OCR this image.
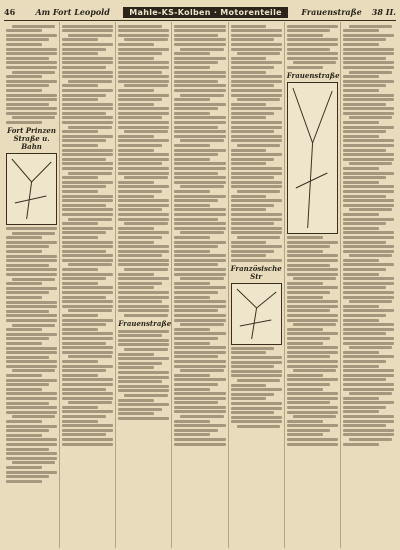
46	Am Fort Leopold	Mahle-KS-Kolben · Motorenteile	Frauenstraße 38 II.
Fort Prinzen Straße u. Bahn
Frauenstraße
Französische Str
Frauenstraße
